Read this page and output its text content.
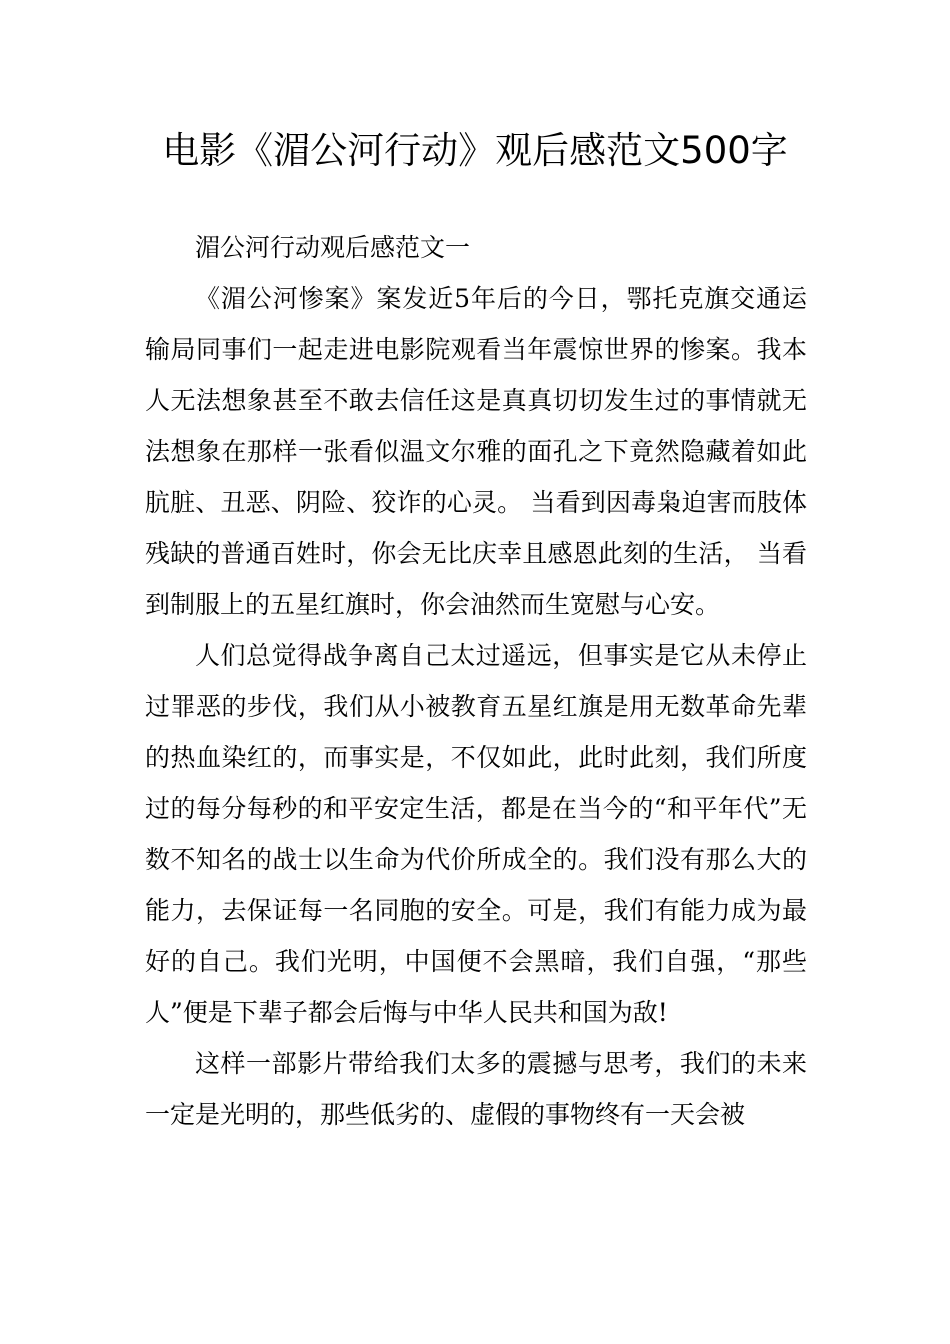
电影《湄公河行动》观后感范文500字

湄公河行动观后感范文一

《湄公河惨案》案发近5年后的今日，鄂托克旗交通运输局同事们一起走进电影院观看当年震惊世界的惨案。我本人无法想象甚至不敢去信任这是真真切切发生过的事情就无法想象在那样一张看似温文尔雅的面孔之下竟然隐藏着如此肮脏、丑恶、阴险、狡诈的心灵。 当看到因毒枭迫害而肢体残缺的普通百姓时，你会无比庆幸且感恩此刻的生活， 当看到制服上的五星红旗时，你会油然而生宽慰与心安。

人们总觉得战争离自己太过遥远，但事实是它从未停止过罪恶的步伐，我们从小被教育五星红旗是用无数革命先辈的热血染红的，而事实是，不仅如此，此时此刻，我们所度过的每分每秒的和平安定生活，都是在当今的“和平年代”无数不知名的战士以生命为代价所成全的。我们没有那么大的能力，去保证每一名同胞的安全。可是，我们有能力成为最好的自己。我们光明，中国便不会黑暗，我们自强，“那些人”便是下辈子都会后悔与中华人民共和国为敌!

这样一部影片带给我们太多的震撼与思考，我们的未来一定是光明的，那些低劣的、虚假的事物终有一天会被
